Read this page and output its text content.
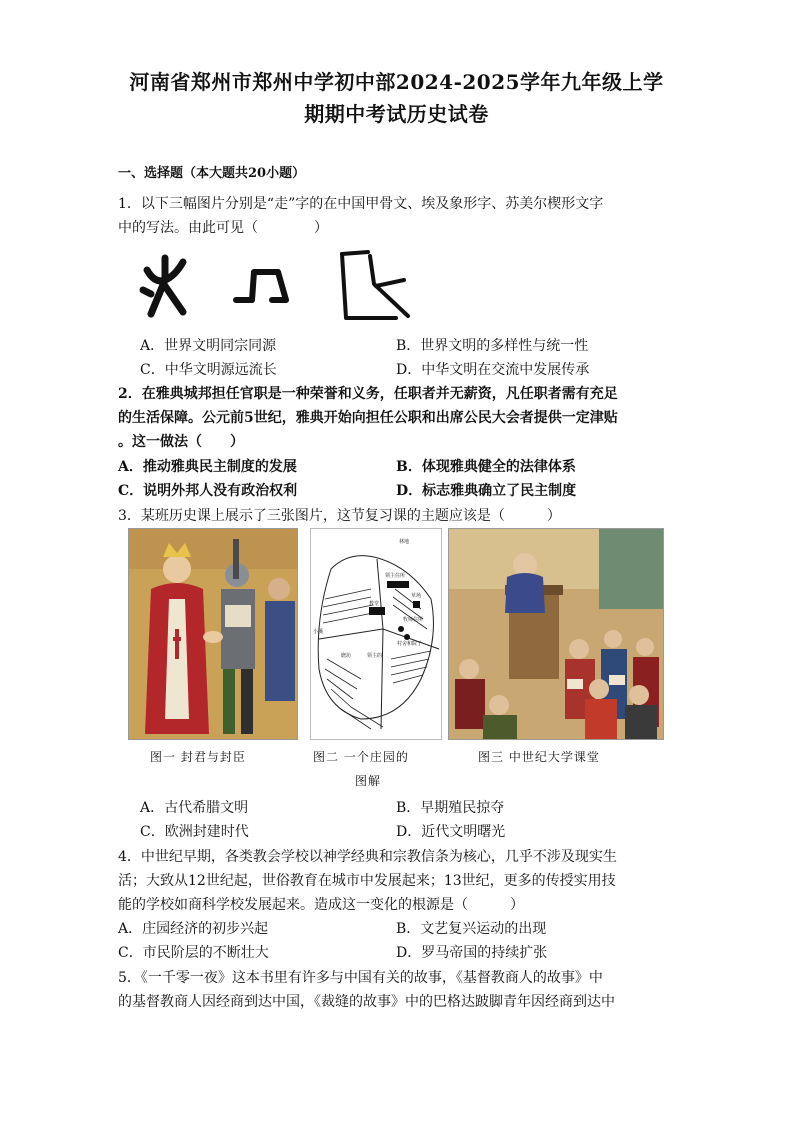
河南省郑州市郑州中学初中部2024-2025学年九年级上学
期期中考试历史试卷
一、选择题（本大题共20小题）
1．以下三幅图片分别是“走”字的在中国甲骨文、埃及象形字、苏美尔楔形文字
中的写法。由此可见（　　　　）
A．世界文明同宗同源	B．世界文明的多样性与统一性
C．中华文明源远流长	D．中华文明在交流中发展传承
2．在雅典城邦担任官职是一种荣誉和义务，任职者并无薪资，凡任职者需有充足
的生活保障。公元前5世纪，雅典开始向担任公职和出席公民大会者提供一定津贴
。这一做法（　　）
A．推动雅典民主制度的发展	B．体现雅典健全的法律体系
C．说明外邦人没有政治权利	D．标志雅典确立了民主制度
3．某班历史课上展示了三张图片，这节复习课的主题应该是（　　　）
林地
领主住所
牧师住所
教堂
草场
村舍和院子
领主的
小溪
磨坊
图一 封君与封臣	图二 一个庄园的
图解
图三 中世纪大学课堂
A．古代希腊文明	B．早期殖民掠夺
C．欧洲封建时代	D．近代文明曙光
4．中世纪早期，各类教会学校以神学经典和宗教信条为核心，几乎不涉及现实生
活；大致从12世纪起，世俗教育在城市中发展起来；13世纪，更多的传授实用技
能的学校如商科学校发展起来。造成这一变化的根源是（　　　）
A．庄园经济的初步兴起	B．文艺复兴运动的出现
C．市民阶层的不断壮大	D．罗马帝国的持续扩张
5．《一千零一夜》这本书里有许多与中国有关的故事，《基督教商人的故事》中
的基督教商人因经商到达中国，《裁缝的故事》中的巴格达跛脚青年因经商到达中
